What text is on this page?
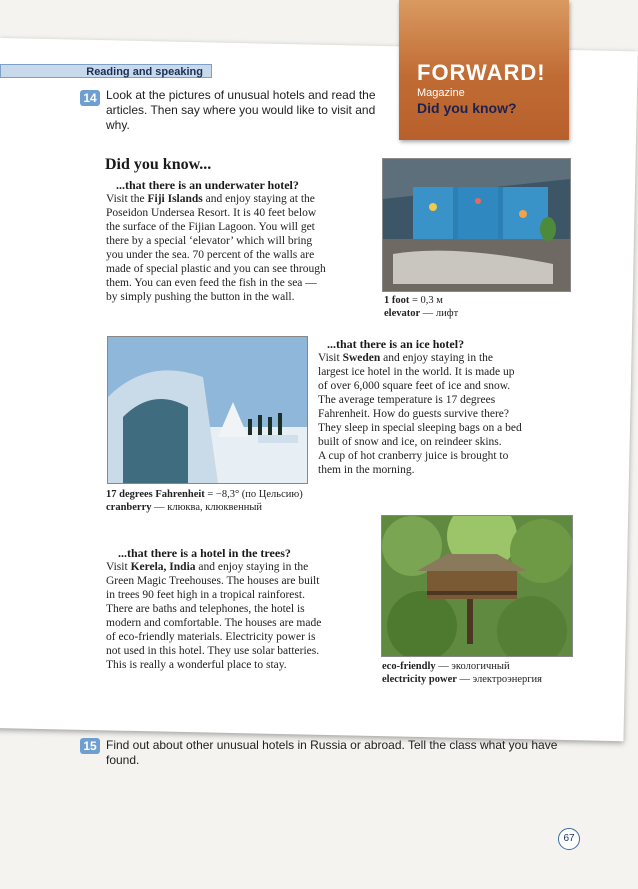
Reading and speaking
14 Look at the pictures of unusual hotels and read the
articles. Then say where you would like to visit and
why.
FORWARD!
Magazine
Did you know?
Did you know...
...that there is an underwater hotel?
Visit the Fiji Islands and enjoy staying at the
Poseidon Undersea Resort. It is 40 feet below
the surface of the Fijian Lagoon. You will get
there by a special ‘elevator’ which will bring
you under the sea. 70 percent of the walls are
made of special plastic and you can see through
them. You can even feed the fish in the sea —
by simply pushing the button in the wall.	1 foot = 0,3 м
elevator — лифт
...that there is an ice hotel?
Visit Sweden and enjoy staying in the
largest ice hotel in the world. It is made up
of over 6,000 square feet of ice and snow.
The average temperature is 17 degrees
Fahrenheit. How do guests survive there?
They sleep in special sleeping bags on a bed
built of snow and ice, on reindeer skins.
A cup of hot cranberry juice is brought to
them in the morning.
17 degrees Fahrenheit = −8,3° (по Цельсию)
cranberry — клюква, клюквенный
...that there is a hotel in the trees?
Visit Kerela, India and enjoy staying in the
Green Magic Treehouses. The houses are built
in trees 90 feet high in a tropical rainforest.
There are baths and telephones, the hotel is
modern and comfortable. The houses are made
of eco-friendly materials. Electricity power is
not used in this hotel. They use solar batteries.
This is really a wonderful place to stay.	eco-friendly — экологичный
electricity power — электроэнергия
15 Find out about other unusual hotels in Russia or abroad. Tell the class what you have
found.
67
